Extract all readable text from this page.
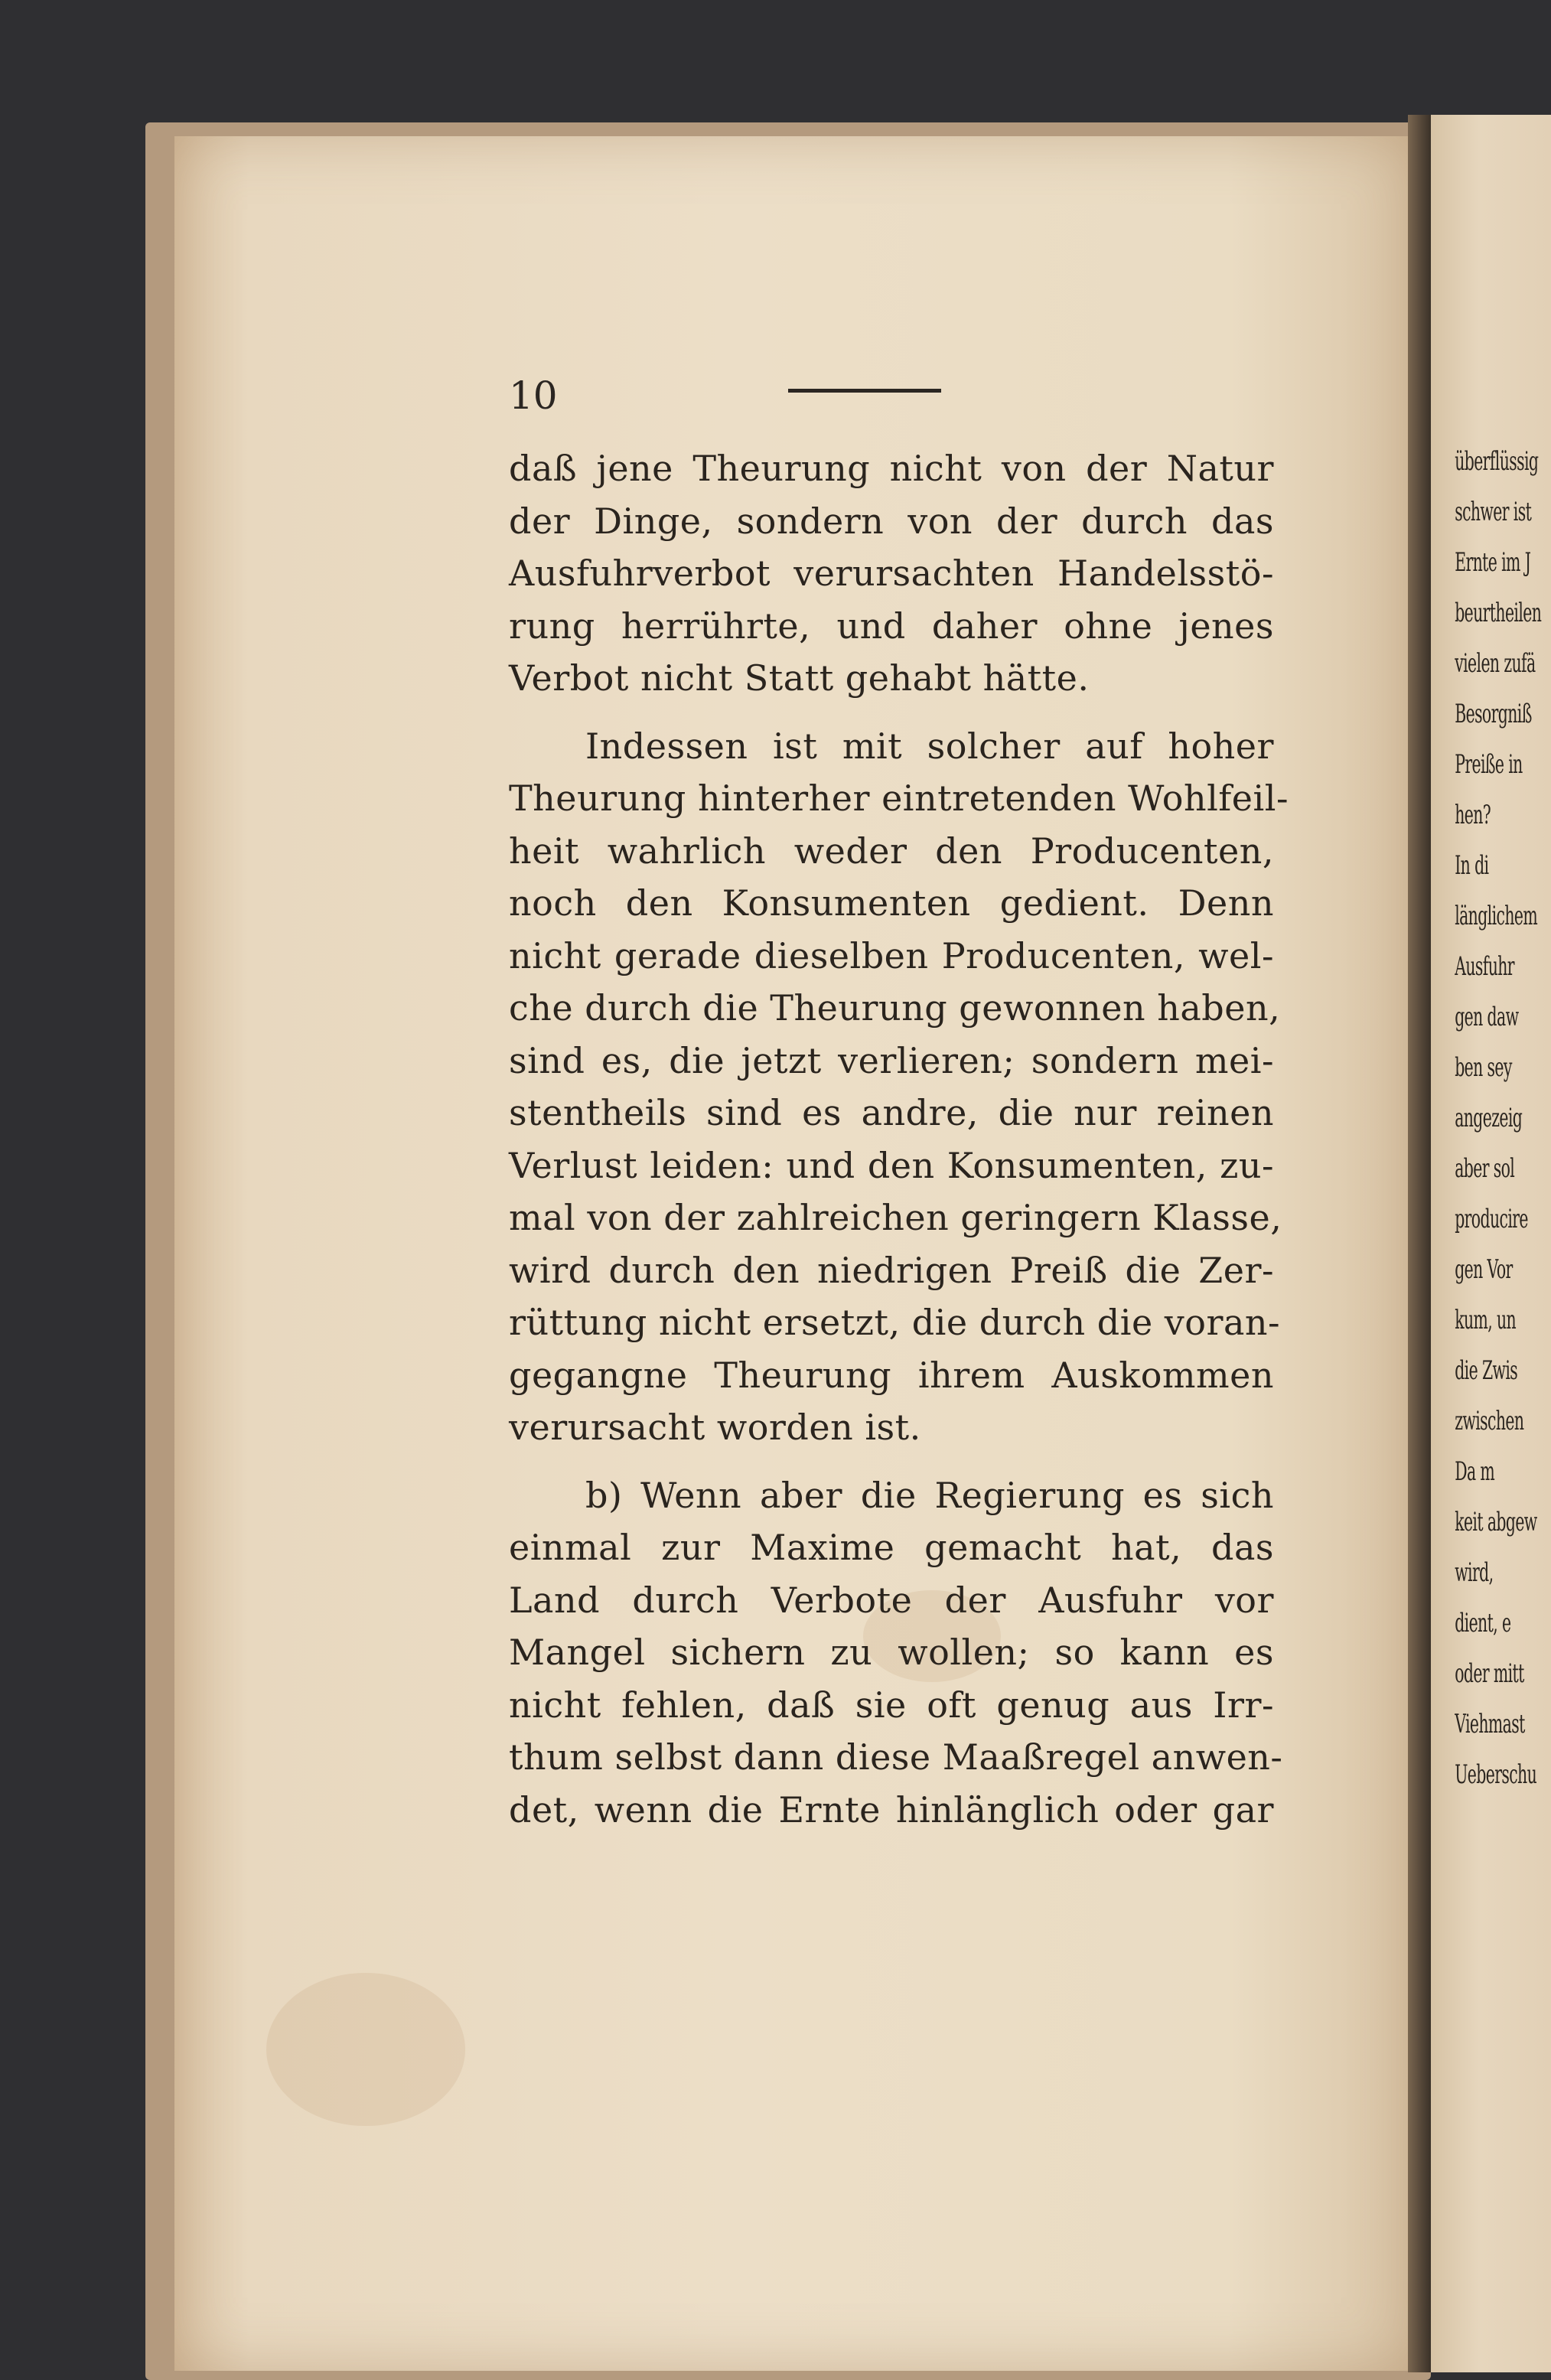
überflüssig
schwer ist
Ernte im J
beurtheilen
vielen zufä
Besorgniß
Preiße in
hen?
In di
länglichem
Ausfuhr
gen daw
ben sey
angezeig
aber sol
producire
gen Vor
kum, un
die Zwis
zwischen
Da m
keit abgew
wird,
dient, e
oder mitt
Viehmast
Ueberschu
10
daß jene Theurung nicht von der Natur
der Dinge, sondern von der durch das
Ausfuhrverbot verursachten Handelsstö-
rung herrührte, und daher ohne jenes
Verbot nicht Statt gehabt hätte.
Indessen ist mit solcher auf hoher
Theurung hinterher eintretenden Wohlfeil-
heit wahrlich weder den Producenten,
noch den Konsumenten gedient. Denn
nicht gerade dieselben Producenten, wel-
che durch die Theurung gewonnen haben,
sind es, die jetzt verlieren; sondern mei-
stentheils sind es andre, die nur reinen
Verlust leiden: und den Konsumenten, zu-
mal von der zahlreichen geringern Klasse,
wird durch den niedrigen Preiß die Zer-
rüttung nicht ersetzt, die durch die voran-
gegangne Theurung ihrem Auskommen
verursacht worden ist.
b) Wenn aber die Regierung es sich
einmal zur Maxime gemacht hat, das
Land durch Verbote der Ausfuhr vor
Mangel sichern zu wollen; so kann es
nicht fehlen, daß sie oft genug aus Irr-
thum selbst dann diese Maaßregel anwen-
det, wenn die Ernte hinlänglich oder gar
